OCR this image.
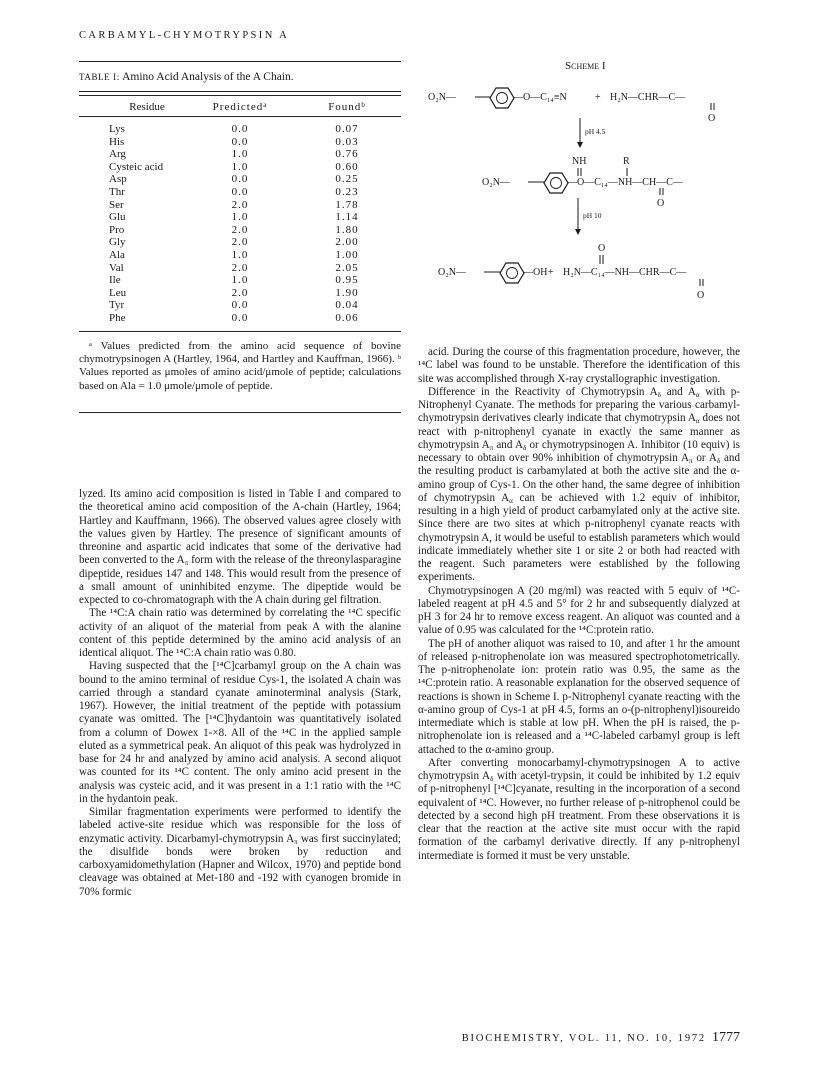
CARBAMYL-CHYMOTRYPSIN A
TABLE I: Amino Acid Analysis of the A Chain.
Residue	Predicted$^a$	Found$^b$
Lys	0.0	0.07
His	0.0	0.03
Arg	1.0	0.76
Cysteic acid	1.0	0.60
Asp	0.0	0.25
Thr	0.0	0.23
Ser	2.0	1.78
Glu	1.0	1.14
Pro	2.0	1.80
Gly	2.0	2.00
Ala	1.0	1.00
Val	2.0	2.05
Ile	1.0	0.95
Leu	2.0	1.90
Tyr	0.0	0.04
Phe	0.0	0.06

ᵃ Values predicted from the amino acid sequence of bovine chymotrypsinogen A (Hartley, 1964, and Hartley and Kauffman, 1966). ᵇ Values reported as μmoles of amino acid/μmole of peptide; calculations based on Ala = 1.0 μmole/μmole of peptide.

Scheme I
O₂N—	—O—C₁₄≡N	+ H₂N—CHR—C—
O
pH 4.5
NH	R
O₂N—	—O—C₁₄—NH—CH—C—
O
pH 10
O
O₂N—	—OH + H₂N—C₁₄—NH—CHR—C—
O

lyzed. Its amino acid composition is listed in Table I and compared to the theoretical amino acid composition of the A-chain (Hartley, 1964; Hartley and Kauffmann, 1966). The observed values agree closely with the values given by Hartley. The presence of significant amounts of threonine and aspartic acid indicates that some of the derivative had been converted to the $A_\pi$ form with the release of the threonylasparagine dipeptide, residues 147 and 148. This would result from the presence of a small amount of uninhibited enzyme. The dipeptide would be expected to co-chromatograph with the A chain during gel filtration.

The ¹⁴C:A chain ratio was determined by correlating the ¹⁴C specific activity of an aliquot of the material from peak A with the alanine content of this peptide determined by the amino acid analysis of an identical aliquot. The ¹⁴C:A chain ratio was 0.80.

Having suspected that the [¹⁴C]carbamyl group on the A chain was bound to the amino terminal of residue Cys-1, the isolated A chain was carried through a standard cyanate aminoterminal analysis (Stark, 1967). However, the initial treatment of the peptide with potassium cyanate was omitted. The [¹⁴C]hydantoin was quantitatively isolated from a column of Dowex 1-×8. All of the ¹⁴C in the applied sample eluted as a symmetrical peak. An aliquot of this peak was hydrolyzed in base for 24 hr and analyzed by amino acid analysis. A second aliquot was counted for its ¹⁴C content. The only amino acid present in the analysis was cysteic acid, and it was present in a 1:1 ratio with the ¹⁴C in the hydantoin peak.

Similar fragmentation experiments were performed to identify the labeled active-site residue which was responsible for the loss of enzymatic activity. Dicarbamyl-chymotrypsin $A_\pi$ was first succinylated; the disulfide bonds were broken by reduction and carboxyamidomethylation (Hapner and Wilcox, 1970) and peptide bond cleavage was obtained at Met-180 and -192 with cyanogen bromide in 70% formic

acid. During the course of this fragmentation procedure, however, the ¹⁴C label was found to be unstable. Therefore the identification of this site was accomplished through X-ray crystallographic investigation.

Difference in the Reactivity of Chymotrypsin $A_\delta$ and $A_\alpha$ with p-Nitrophenyl Cyanate. The methods for preparing the various carbamyl-chymotrypsin derivatives clearly indicate that chymotrypsin $A_\alpha$ does not react with p-nitrophenyl cyanate in exactly the same manner as chymotrypsin $A_\pi$ and $A_\delta$ or chymotrypsinogen A. Inhibitor (10 equiv) is necessary to obtain over 90% inhibition of chymotrypsin $A_\pi$ or $A_\delta$ and the resulting product is carbamylated at both the active site and the α-amino group of Cys-1. On the other hand, the same degree of inhibition of chymotrypsin $A_\alpha$ can be achieved with 1.2 equiv of inhibitor, resulting in a high yield of product carbamylated only at the active site. Since there are two sites at which p-nitrophenyl cyanate reacts with chymotrypsin A, it would be useful to establish parameters which would indicate immediately whether site 1 or site 2 or both had reacted with the reagent. Such parameters were established by the following experiments.

Chymotrypsinogen A (20 mg/ml) was reacted with 5 equiv of ¹⁴C-labeled reagent at pH 4.5 and 5° for 2 hr and subsequently dialyzed at pH 3 for 24 hr to remove excess reagent. An aliquot was counted and a value of 0.95 was calculated for the ¹⁴C:protein ratio.

The pH of another aliquot was raised to 10, and after 1 hr the amount of released p-nitrophenolate ion was measured spectrophotometrically. The p-nitrophenolate ion: protein ratio was 0.95, the same as the ¹⁴C:protein ratio. A reasonable explanation for the observed sequence of reactions is shown in Scheme I. p-Nitrophenyl cyanate reacting with the α-amino group of Cys-1 at pH 4.5, forms an o-(p-nitrophenyl)isoureido intermediate which is stable at low pH. When the pH is raised, the p-nitrophenolate ion is released and a ¹⁴C-labeled carbamyl group is left attached to the α-amino group.

After converting monocarbamyl-chymotrypsinogen A to active chymotrypsin $A_\delta$ with acetyl-trypsin, it could be inhibited by 1.2 equiv of p-nitrophenyl [¹⁴C]cyanate, resulting in the incorporation of a second equivalent of ¹⁴C. However, no further release of p-nitrophenol could be detected by a second high pH treatment. From these observations it is clear that the reaction at the active site must occur with the rapid formation of the carbamyl derivative directly. If any p-nitrophenyl intermediate is formed it must be very unstable.

BIOCHEMISTRY, VOL. 11, NO. 10, 1972 1777
